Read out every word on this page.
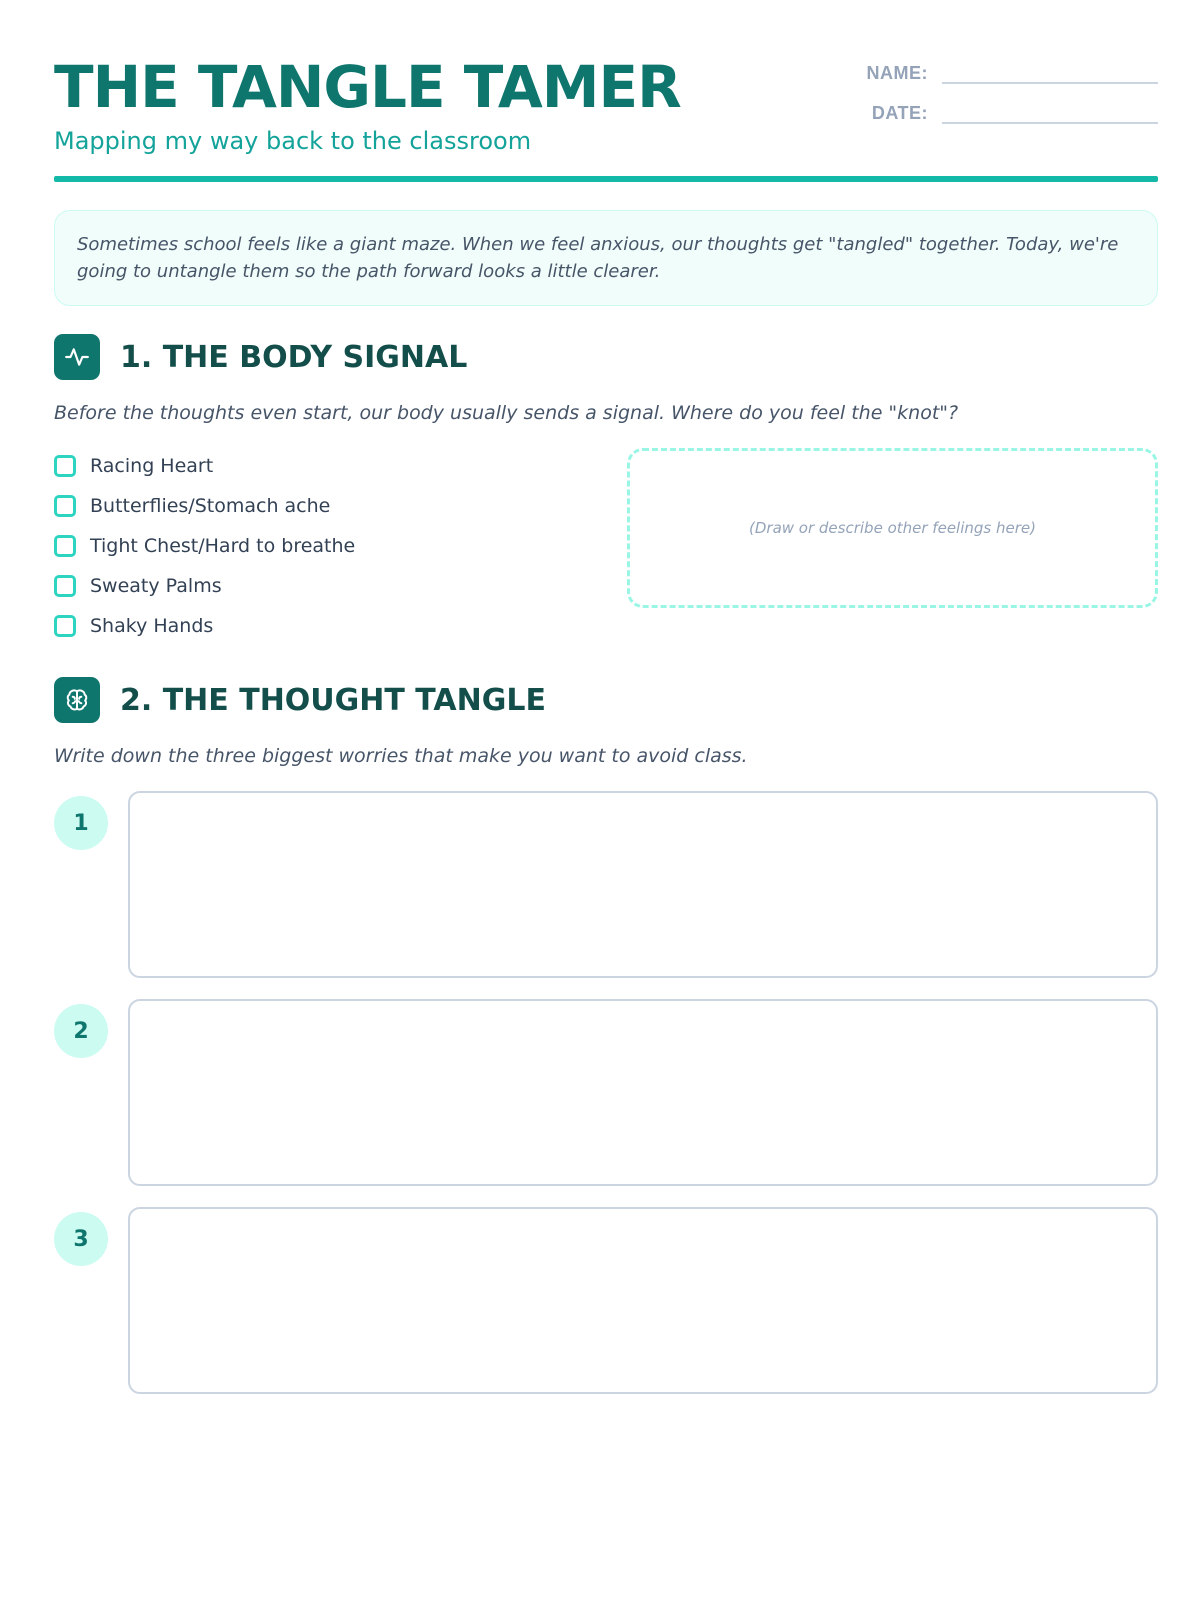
THE TANGLE TAMER
Mapping my way back to the classroom
NAME:
DATE:
Sometimes school feels like a giant maze. When we feel anxious, our thoughts get "tangled" together. Today, we're going to untangle them so the path forward looks a little clearer.
1. THE BODY SIGNAL
Before the thoughts even start, our body usually sends a signal. Where do you feel the "knot"?
Racing Heart
Butterflies/Stomach ache
Tight Chest/Hard to breathe
Sweaty Palms
Shaky Hands
(Draw or describe other feelings here)
2. THE THOUGHT TANGLE
Write down the three biggest worries that make you want to avoid class.
1
2
3
